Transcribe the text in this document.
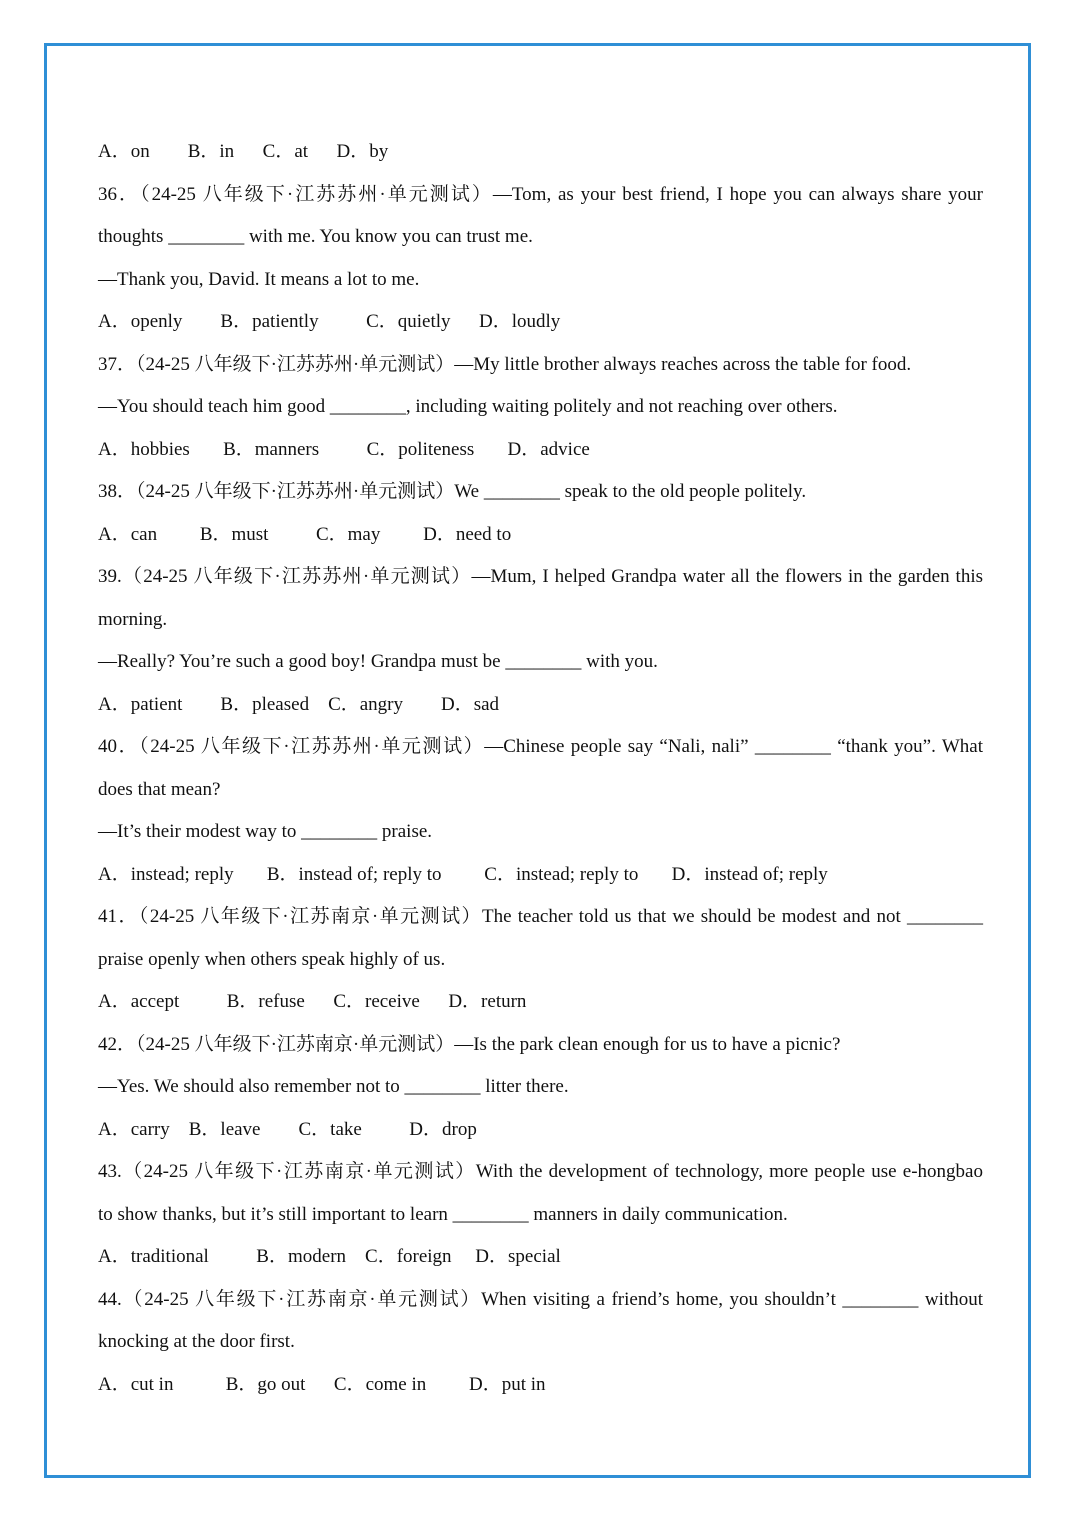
A．on        B．in      C．at      D．by
36．（24-25 八年级下·江苏苏州·单元测试）—Tom, as your best friend, I hope you can always share your
thoughts ________ with me. You know you can trust me.
—Thank you, David. It means a lot to me.
A．openly        B．patiently          C．quietly      D．loudly
37．（24-25 八年级下·江苏苏州·单元测试）—My little brother always reaches across the table for food.
—You should teach him good ________, including waiting politely and not reaching over others.
A．hobbies       B．manners          C．politeness       D．advice
38．（24-25 八年级下·江苏苏州·单元测试）We ________ speak to the old people politely.
A．can         B．must          C．may         D．need to
39.（24-25 八年级下·江苏苏州·单元测试）—Mum, I helped Grandpa water all the flowers in the garden this
morning.
—Really? You’re such a good boy! Grandpa must be ________ with you.
A．patient        B．pleased    C．angry        D．sad
40．（24-25 八年级下·江苏苏州·单元测试）—Chinese people say “Nali, nali” ________ “thank you”. What
does that mean?
—It’s their modest way to ________ praise.
A．instead; reply       B．instead of; reply to         C．instead; reply to       D．instead of; reply
41．（24-25 八年级下·江苏南京·单元测试）The teacher told us that we should be modest and not ________
praise openly when others speak highly of us.
A．accept          B．refuse      C．receive      D．return
42．（24-25 八年级下·江苏南京·单元测试）—Is the park clean enough for us to have a picnic?
—Yes. We should also remember not to ________ litter there.
A．carry    B．leave        C．take          D．drop
43.（24-25 八年级下·江苏南京·单元测试）With the development of technology, more people use e-hongbao
to show thanks, but it’s still important to learn ________ manners in daily communication.
A．traditional          B．modern    C．foreign     D．special
44.（24-25 八年级下·江苏南京·单元测试）When visiting a friend’s home, you shouldn’t ________ without
knocking at the door first.
A．cut in           B．go out      C．come in         D．put in
